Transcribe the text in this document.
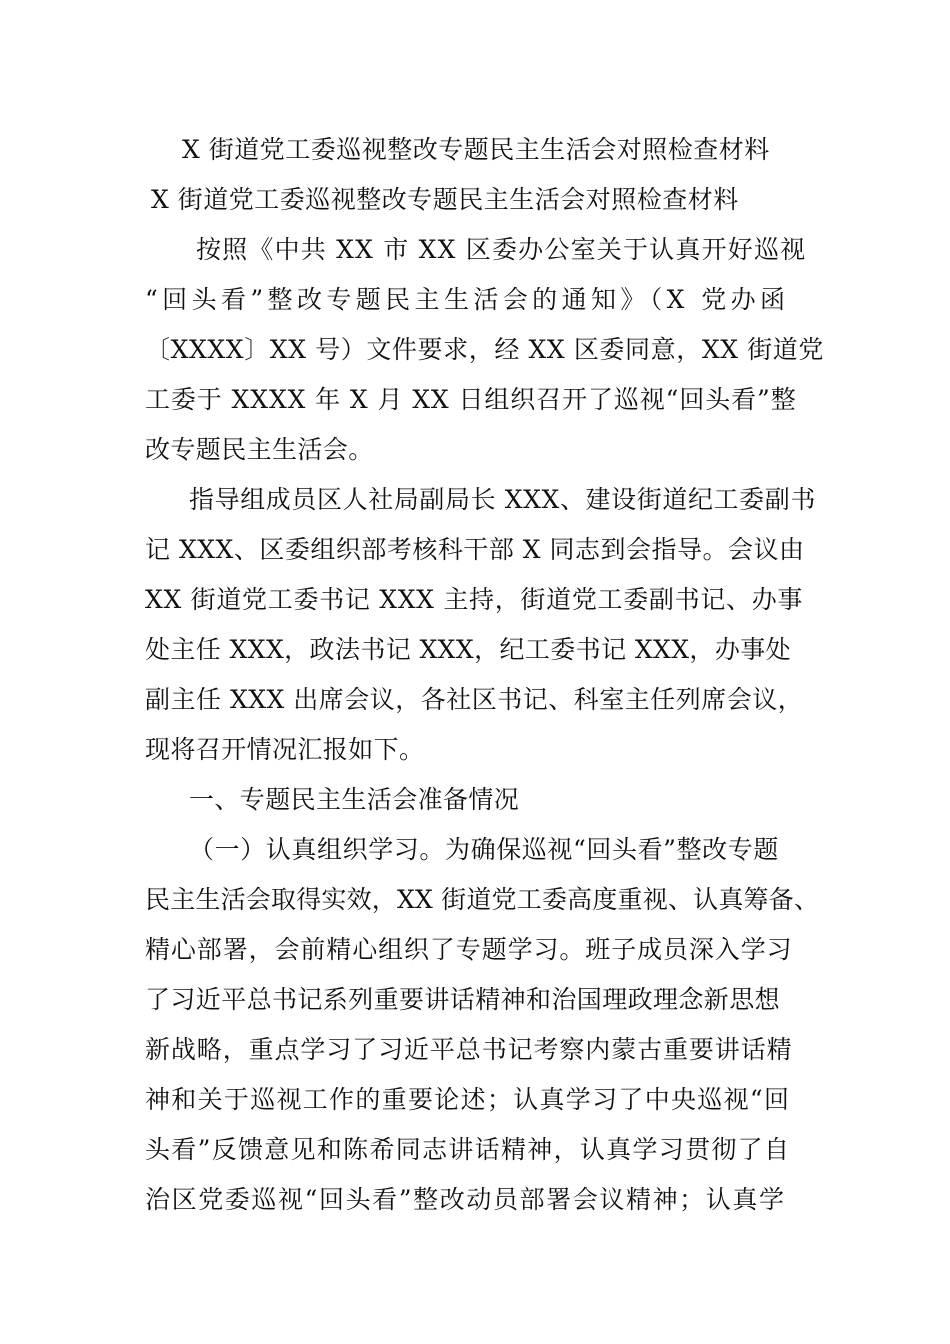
X 街道党工委巡视整改专题民主生活会对照检查材料
X 街道党工委巡视整改专题民主生活会对照检查材料
按照《中共 XX 市 XX 区委办公室关于认真开好巡视
“回头看”整改专题民主生活会的通知》（X 党办函
〔XXXX〕XX 号）文件要求，经 XX 区委同意，XX 街道党
工委于 XXXX 年 X 月 XX 日组织召开了巡视“回头看”整
改专题民主生活会。
指导组成员区人社局副局长 XXX、建设街道纪工委副书
记 XXX、区委组织部考核科干部 X 同志到会指导。会议由
XX 街道党工委书记 XXX 主持，街道党工委副书记、办事
处主任 XXX，政法书记 XXX，纪工委书记 XXX，办事处
副主任 XXX 出席会议，各社区书记、科室主任列席会议，
现将召开情况汇报如下。
一、专题民主生活会准备情况
（一）认真组织学习。为确保巡视“回头看”整改专题
民主生活会取得实效，XX 街道党工委高度重视、认真筹备、
精心部署，会前精心组织了专题学习。班子成员深入学习
了习近平总书记系列重要讲话精神和治国理政理念新思想
新战略，重点学习了习近平总书记考察内蒙古重要讲话精
神和关于巡视工作的重要论述；认真学习了中央巡视“回
头看”反馈意见和陈希同志讲话精神，认真学习贯彻了自
治区党委巡视“回头看”整改动员部署会议精神；认真学
